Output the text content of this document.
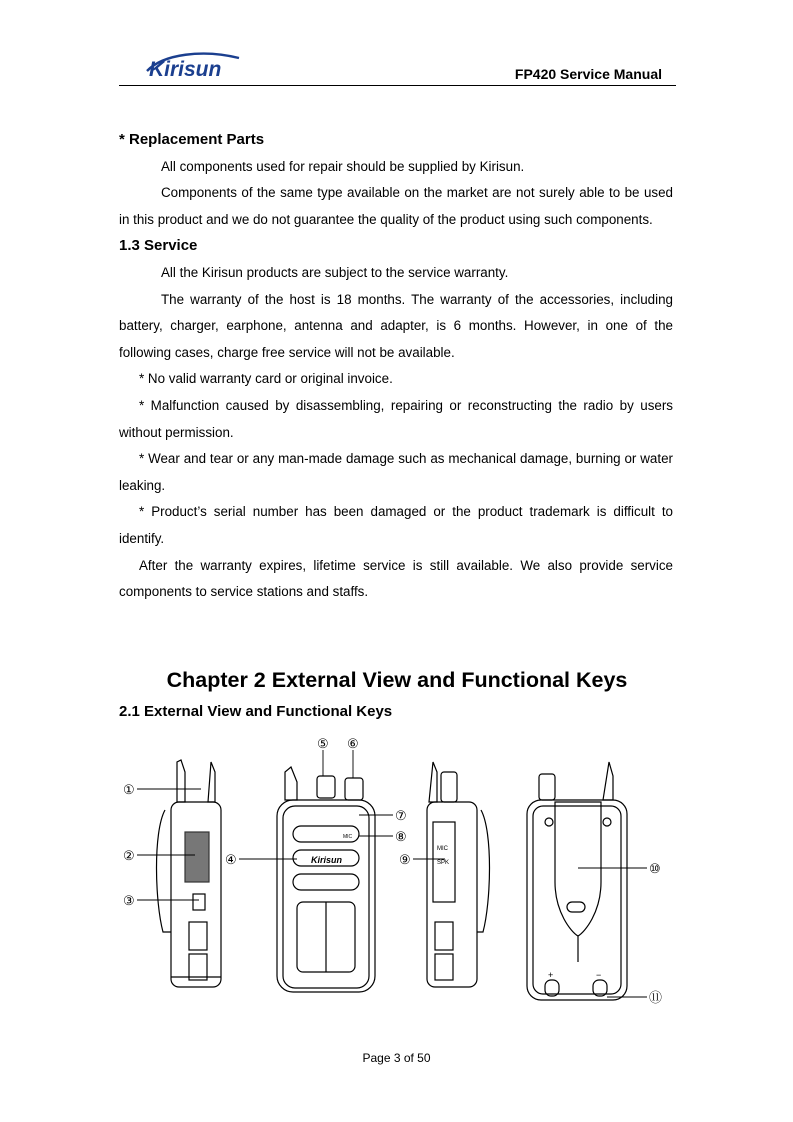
Kirisun	FP420 Service Manual
* Replacement Parts

All components used for repair should be supplied by Kirisun.

Components of the same type available on the market are not surely able to be used in this product and we do not guarantee the quality of the product using such components.

1.3 Service

All the Kirisun products are subject to the service warranty.

The warranty of the host is 18 months. The warranty of the accessories, including battery, charger, earphone, antenna and adapter, is 6 months. However, in one of the following cases, charge free service will not be available.

* No valid warranty card or original invoice.

* Malfunction caused by disassembling, repairing or reconstructing the radio by users without permission.

* Wear and tear or any man-made damage such as mechanical damage, burning or water leaking.

* Product’s serial number has been damaged or the product trademark is difficult to identify.

After the warranty expires, lifetime service is still available. We also provide service components to service stations and staffs.

Chapter 2 External View and Functional Keys
2.1 External View and Functional Keys
Kirisun
MIC
MIC
SPK
+	−
①
②
③
④
⑤ ⑥
⑦
⑧
⑨
⑩
⑪
Page 3 of 50
